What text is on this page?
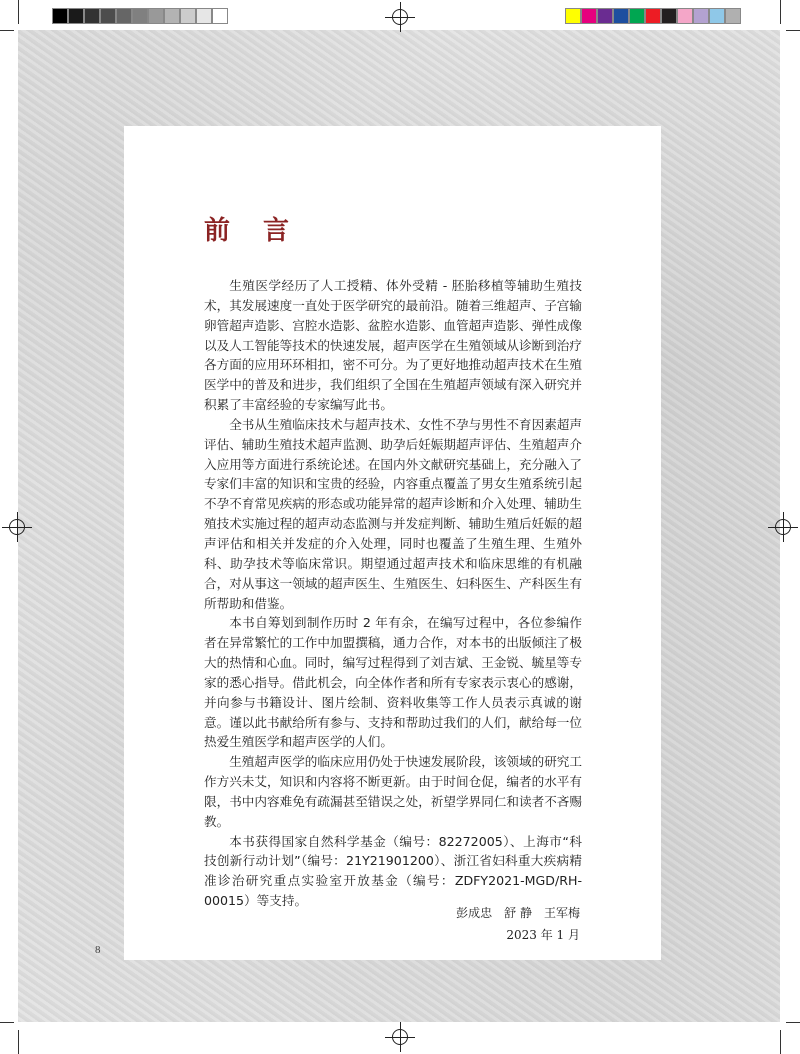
前 言

生殖医学经历了人工授精、体外受精 - 胚胎移植等辅助生殖技术，其发展速度一直处于医学研究的最前沿。随着三维超声、子宫输卵管超声造影、宫腔水造影、盆腔水造影、血管超声造影、弹性成像以及人工智能等技术的快速发展，超声医学在生殖领域从诊断到治疗各方面的应用环环相扣，密不可分。为了更好地推动超声技术在生殖医学中的普及和进步，我们组织了全国在生殖超声领域有深入研究并积累了丰富经验的专家编写此书。

全书从生殖临床技术与超声技术、女性不孕与男性不育因素超声评估、辅助生殖技术超声监测、助孕后妊娠期超声评估、生殖超声介入应用等方面进行系统论述。在国内外文献研究基础上，充分融入了专家们丰富的知识和宝贵的经验，内容重点覆盖了男女生殖系统引起不孕不育常见疾病的形态或功能异常的超声诊断和介入处理、辅助生殖技术实施过程的超声动态监测与并发症判断、辅助生殖后妊娠的超声评估和相关并发症的介入处理，同时也覆盖了生殖生理、生殖外科、助孕技术等临床常识。期望通过超声技术和临床思维的有机融合，对从事这一领域的超声医生、生殖医生、妇科医生、产科医生有所帮助和借鉴。

本书自筹划到制作历时 2 年有余，在编写过程中，各位参编作者在异常繁忙的工作中加盟撰稿，通力合作，对本书的出版倾注了极大的热情和心血。同时，编写过程得到了刘吉斌、王金锐、毓星等专家的悉心指导。借此机会，向全体作者和所有专家表示衷心的感谢，并向参与书籍设计、图片绘制、资料收集等工作人员表示真诚的谢意。谨以此书献给所有参与、支持和帮助过我们的人们，献给每一位热爱生殖医学和超声医学的人们。

生殖超声医学的临床应用仍处于快速发展阶段，该领域的研究工作方兴未艾，知识和内容将不断更新。由于时间仓促，编者的水平有限，书中内容难免有疏漏甚至错误之处，祈望学界同仁和读者不吝赐教。

本书获得国家自然科学基金（编号：82272005）、上海市“科技创新行动计划”（编号：21Y21901200）、浙江省妇科重大疾病精准诊治研究重点实验室开放基金（编号：ZDFY2021-MGD/RH-00015）等支持。

彭成忠　舒 静　王军梅
2023 年 1 月
8
